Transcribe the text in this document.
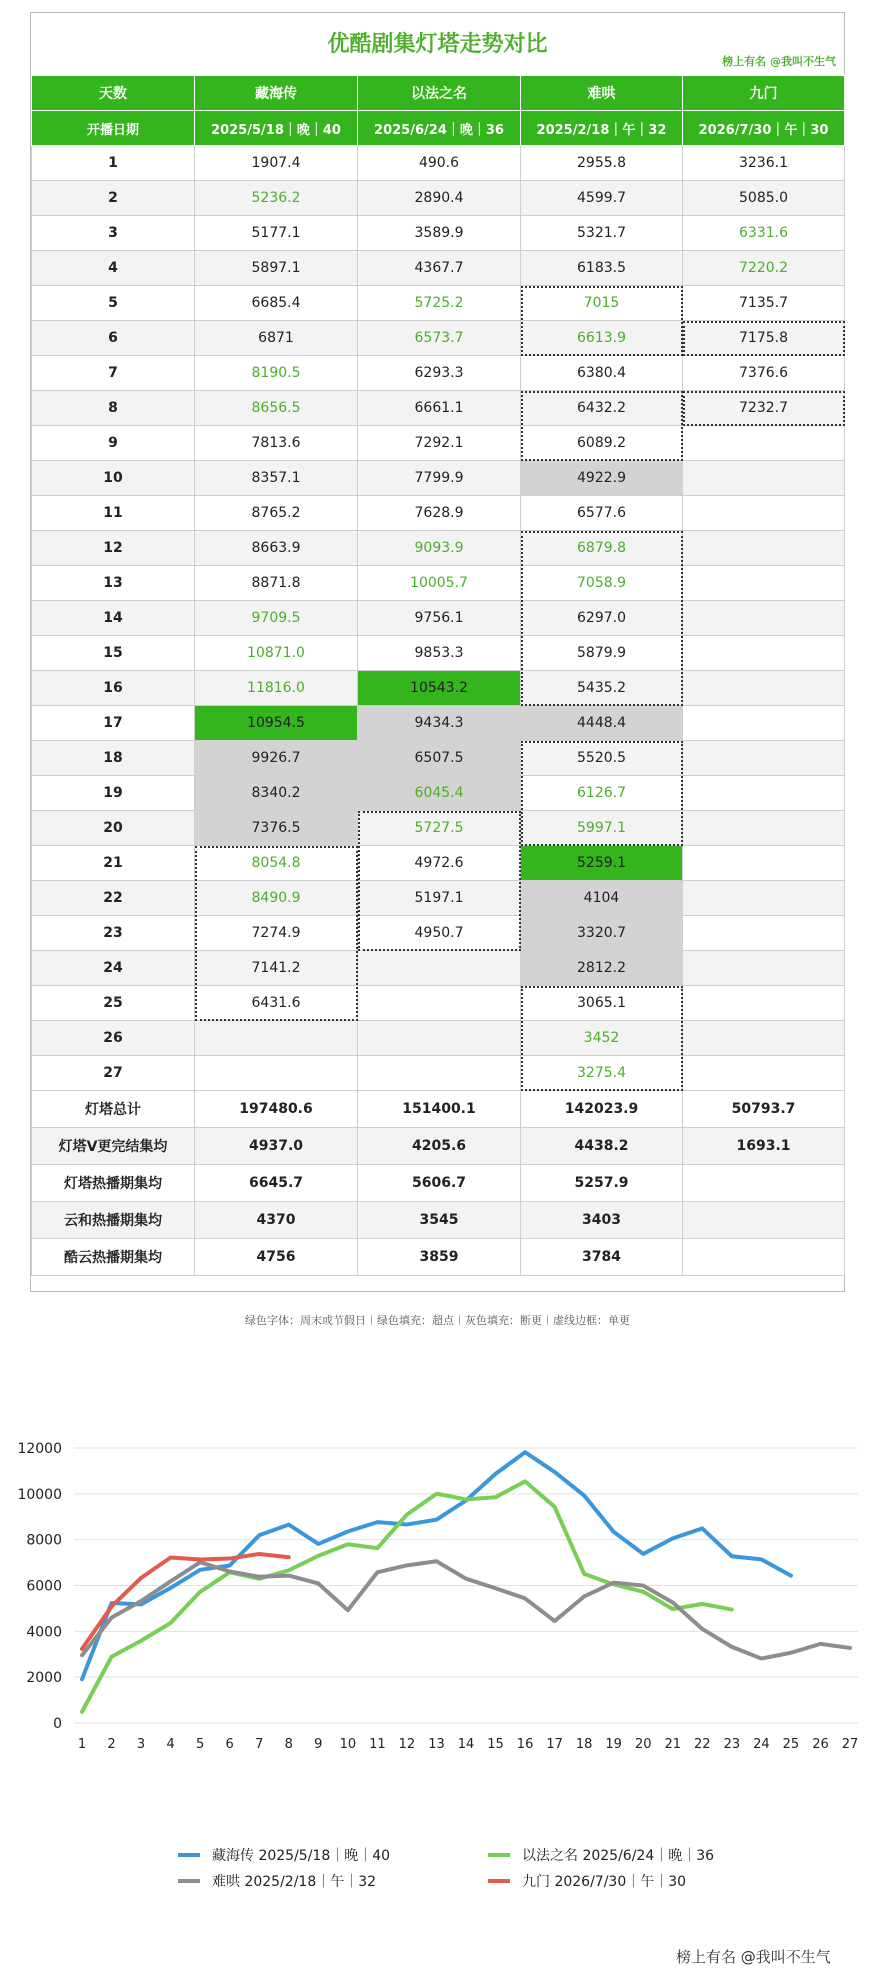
优酷剧集灯塔走势对比
榜上有名 @我叫不生气
天数	藏海传	以法之名	难哄	九门
开播日期	2025/5/18｜晚｜40	2025/6/24｜晚｜36	2025/2/18｜午｜32	2026/7/30｜午｜30
1	1907.4	490.6	2955.8	3236.1
2	5236.2	2890.4	4599.7	5085.0
3	5177.1	3589.9	5321.7	6331.6
4	5897.1	4367.7	6183.5	7220.2
5	6685.4	5725.2	7015	7135.7
6	6871	6573.7	6613.9	7175.8
7	8190.5	6293.3	6380.4	7376.6
8	8656.5	6661.1	6432.2	7232.7
9	7813.6	7292.1	6089.2	
10	8357.1	7799.9	4922.9	
11	8765.2	7628.9	6577.6	
12	8663.9	9093.9	6879.8	
13	8871.8	10005.7	7058.9	
14	9709.5	9756.1	6297.0	
15	10871.0	9853.3	5879.9	
16	11816.0	10543.2	5435.2	
17	10954.5	9434.3	4448.4	
18	9926.7	6507.5	5520.5	
19	8340.2	6045.4	6126.7	
20	7376.5	5727.5	5997.1	
21	8054.8	4972.6	5259.1	
22	8490.9	5197.1	4104	
23	7274.9	4950.7	3320.7	
24	7141.2		2812.2	
25	6431.6		3065.1	
26			3452	
27			3275.4	
灯塔总计	197480.6	151400.1	142023.9	50793.7
灯塔V更完结集均	4937.0	4205.6	4438.2	1693.1
灯塔热播期集均	6645.7	5606.7	5257.9	
云和热播期集均	4370	3545	3403	
酷云热播期集均	4756	3859	3784	
绿色字体：周末或节假日｜绿色填充：超点｜灰色填充：断更｜虚线边框：单更
0
2000
4000
6000
8000
10000
12000
1 2 3 4 5 6 7 8 9 10 11 12 13 14 15 16 17 18 19 20 21 22 23 24 25 26 27
藏海传 2025/5/18｜晚｜40	以法之名 2025/6/24｜晚｜36
难哄 2025/2/18｜午｜32	九门 2026/7/30｜午｜30
榜上有名 @我叫不生气
